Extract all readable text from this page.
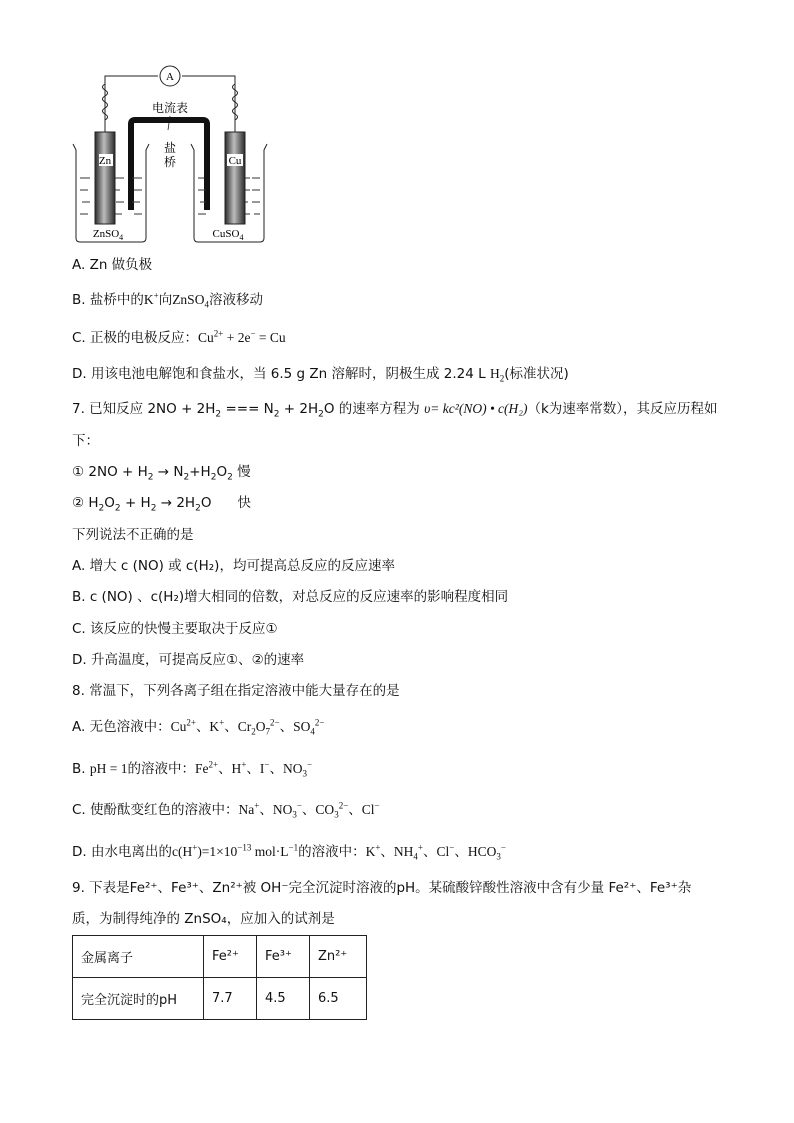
A
电流表
盐
桥
Zn	Cu
ZnSO$_4$	CuSO$_4$
A. Zn 做负极
B. 盐桥中的K+向ZnSO$_4$溶液移动
C. 正极的电极反应：$Cu^{2+} + 2e^- = Cu$
D. 用该电池电解饱和食盐水，当 6.5 g Zn 溶解时，阴极生成 2.24 L $H_2$(标准状况)
7. 已知反应 $2NO + 2H_2$ === $N_2 + 2H_2O$ 的速率方程为 υ= kc²(NO) • c(H₂)（k为速率常数），其反应历程如
下：
① $2NO + H_2 \to N_2+H_2O_2$ 慢
② $H_2O_2 + H_2 \to 2H_2O$ 快
下列说法不正确的是
A. 增大 c (NO) 或 c(H₂)，均可提高总反应的反应速率
B. c (NO) 、c(H₂)增大相同的倍数，对总反应的反应速率的影响程度相同
C. 该反应的快慢主要取决于反应①
D. 升高温度，可提高反应①、②的速率
8. 常温下，下列各离子组在指定溶液中能大量存在的是
A. 无色溶液中：$Cu^{2+}$、K+、$Cr_2O_7^{2-}$、$SO_4^{2-}$
B. pH = 1的溶液中：$Fe^{2+}$、H+、I−、$NO_3^-$
C. 使酚酞变红色的溶液中：Na+、$NO_3^-$、$CO_3^{2-}$、Cl−
D. 由水电离出的$c(H^+)=1\times 10^{-13}$ $mol\cdot L^{-1}$的溶液中：K+、$NH_4^+$、Cl−、$HCO_3^-$
9. 下表是Fe²⁺、Fe³⁺、Zn²⁺被 OH⁻完全沉淀时溶液的pH。某硫酸锌酸性溶液中含有少量 Fe²⁺、Fe³⁺杂
质，为制得纯净的 ZnSO₄，应加入的试剂是
金属离子	Fe²⁺	Fe³⁺	Zn²⁺
完全沉淀时的pH	7.7	4.5	6.5
